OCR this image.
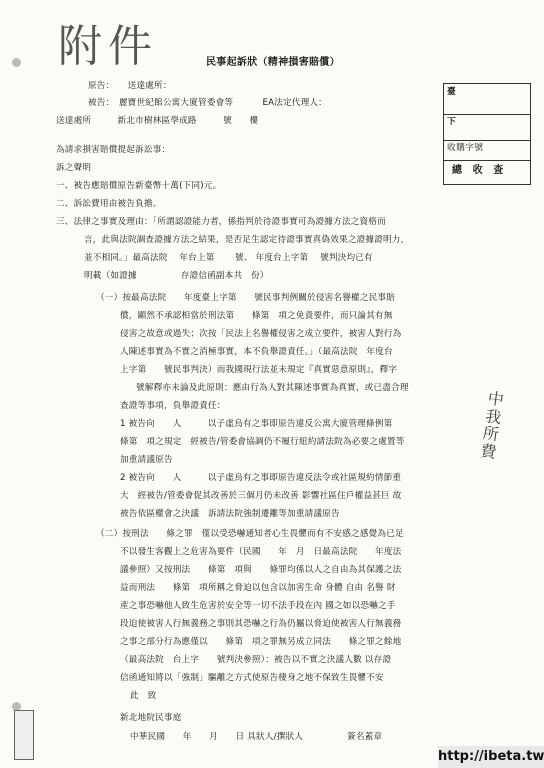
附件	民事起訴狀（精神損害賠償）
原告：　　送達處所：
被告：　麗寶世紀館公寓大廈管委會等　　　 EA法定代理人：
送達處所　　　新北市樹林區學成路　　　號　　樓
臺
下
收購字號
總　收　查
為請求損害賠償提起訴訟事：
訴之聲明
一、被告應賠償原告新臺幣十萬(下同)元。
二、訴訟費用由被告負擔。
三、法律之事實及理由：「所謂認證能力者，係指判於待證事實可為證據方法之資格而
言，此與法院調查證據方法之結果，是否足生認定待證事實真偽效果之證據證明力，
並不相同。」最高法院　 年台上第　　 號、 年度台上字第　 號判決均已有
明載（如證據　　　　　存證信函副本共　份）
（一）按最高法院　　年度臺上字第　　號民事判例關於侵害名譽權之民事賠
償，顯然不承認相當於刑法第　　條第　項之免責要件，而只論其有無
侵害之故意或過失；次按「民法上名譽權侵害之成立要件，被害人對行為
人陳述事實為不實之消極事實，本不負舉證責任。」（最高法院　年度台
上字第　　號民事判決）而我國現行法並未規定『真實惡意原則』，釋字
號解釋亦未論及此原則：應由行為人對其陳述事實為真實，或已盡合理
查證等事項，負舉證責任：
1 被告向　　人　　　以子虛烏有之事即原告違反公寓大廈管理條例第
條第　項之規定　經被告/管委會協調仍不履行紐約請法院為必要之處置等
加重請議原告
2 被告向　　人　　　以子虛烏有之事即原告違反法令或社區規約情節重
大　經被告/管委會促其改善於三個月仍未改善 影響社區住戶權益甚巨 故
被告依區權會之決議　訴請法院強制遷離等加重請議原告
（二）按刑法　　條之罪　僅以受恐嚇通知者心生畏懼而有不安感之感覺為已足
不以發生客觀上之危害為要件（民國　　年　月　日最高法院　　年度法
議參照）又按刑法　　條第　項與　　條罪均係以人之自由為其保護之法
益而刑法　　條第　項所稱之脅迫以包含以加害生命 身體 自由 名譽 財
產之事恐嚇他人致生危害於安全等一切不法手段在內 國之如以恐嚇之手
段迫使被害人行無義務之事則其恐嚇之行為仍屬以脅迫使被害人行無義務
之事之部分行為應僅以　　條第　項之罪無另成立同法　　條之罪之餘地
（最高法院　台上字　　號判決參照）：被告以不實之決議人數 以存證
信函通知將以「強制」驅離之方式使原告棲身之地不保致生畏懼不安
此　致
新北地院民事庭
中華民國　　年　　月　　日 具狀人/撰狀人　　　　　簽名蓋章
中
我
所
費
http://ibeta.tw
